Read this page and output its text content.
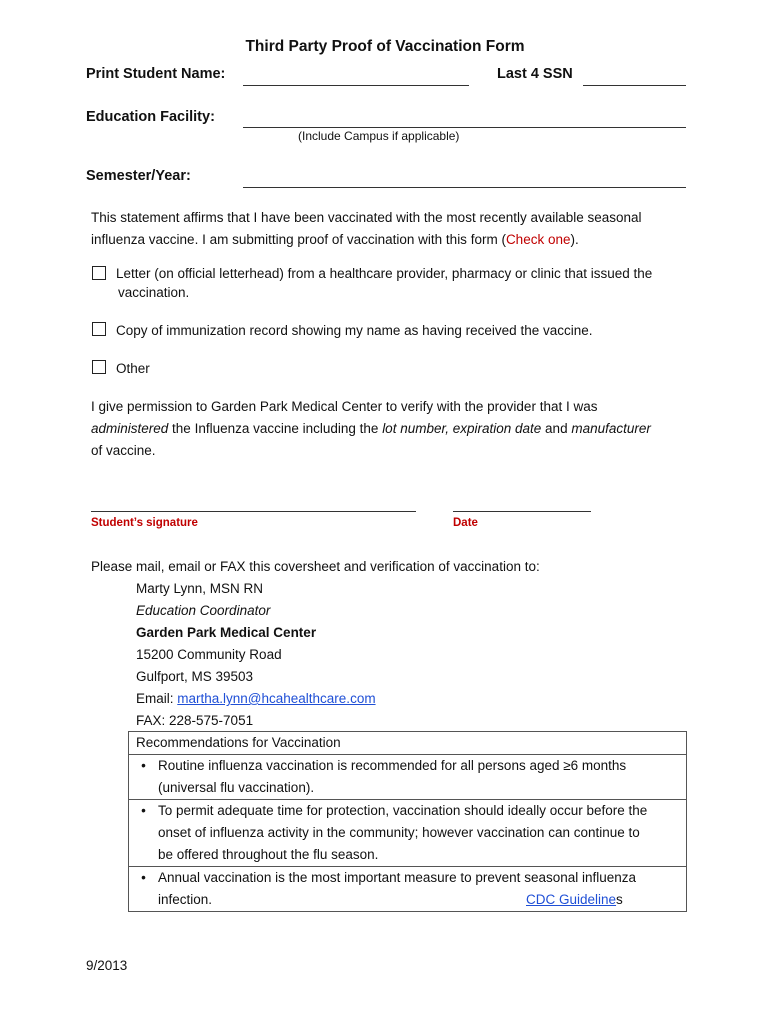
Third Party Proof of Vaccination Form
Print Student Name:	Last 4 SSN
Education Facility:
(Include Campus if applicable)
Semester/Year:
This statement affirms that I have been vaccinated with the most recently available seasonal influenza vaccine. I am submitting proof of vaccination with this form (Check one).
Letter (on official letterhead) from a healthcare provider, pharmacy or clinic that issued the
vaccination.
Copy of immunization record showing my name as having received the vaccine.
Other
I give permission to Garden Park Medical Center to verify with the provider that I was
administered the Influenza vaccine including the lot number, expiration date and manufacturer
of vaccine.
Student’s signature	Date
Please mail, email or FAX this coversheet and verification of vaccination to:
Marty Lynn, MSN RN
Education Coordinator
Garden Park Medical Center
15200 Community Road
Gulfport, MS 39503
Email: martha.lynn@hcahealthcare.com
FAX: 228-575-7051
Recommendations for Vaccination

• Routine influenza vaccination is recommended for all persons aged ≥6 months
(universal flu vaccination).

• To permit adequate time for protection, vaccination should ideally occur before the
onset of influenza activity in the community; however vaccination can continue to
be offered throughout the flu season.

• Annual vaccination is the most important measure to prevent seasonal influenza
infection.	CDC Guidelines
9/2013
